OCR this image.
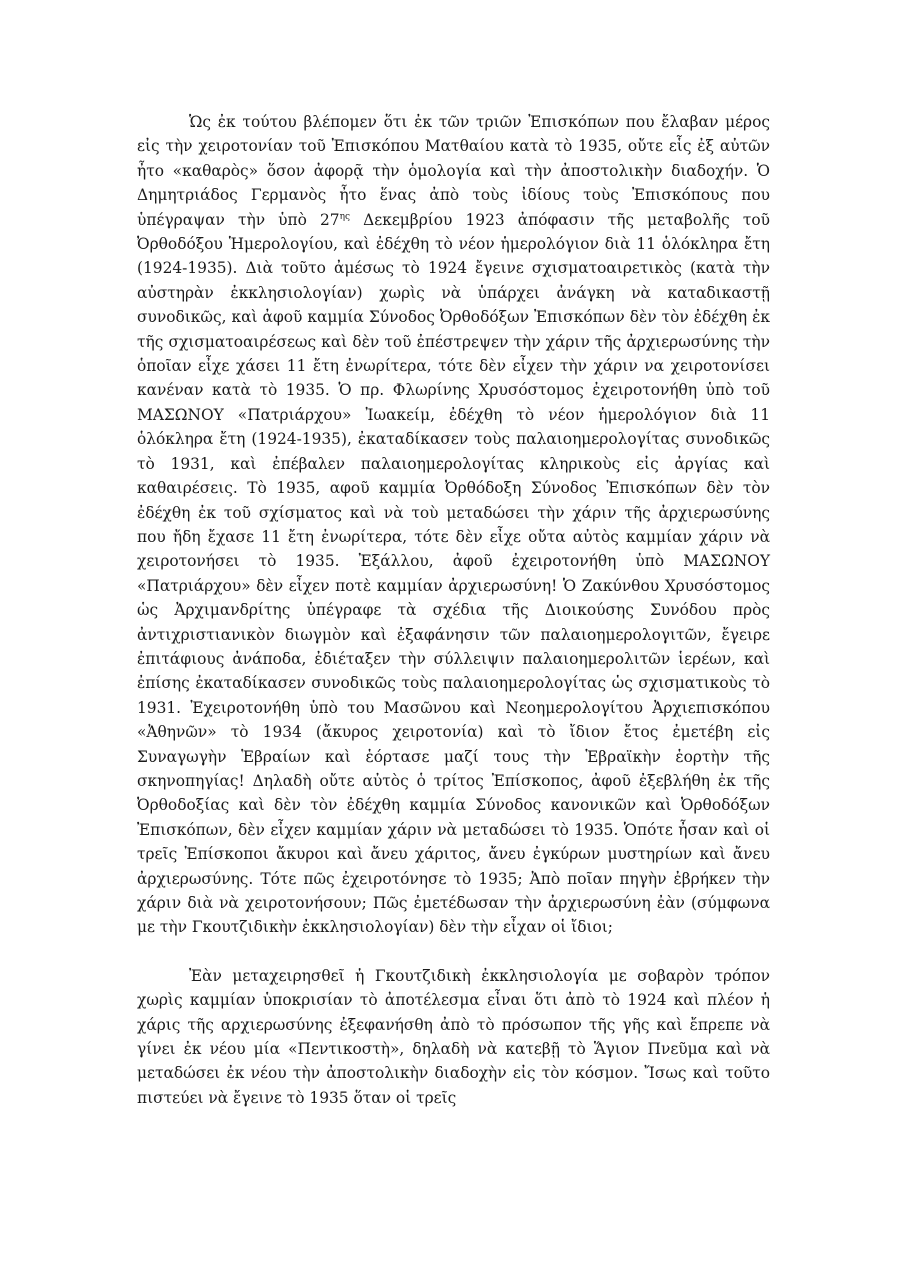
Ὡς ἐκ τούτου βλέπομεν ὅτι ἐκ τῶν τριῶν Ἐπισκόπων που ἔλαβαν μέρος εἰς τὴν χειροτονίαν τοῦ Ἐπισκόπου Ματθαίου κατὰ τὸ 1935, οὔτε εἷς ἐξ αὐτῶν ἦτο «καθαρὸς» ὅσον ἀφορᾷ τὴν ὁμολογία καὶ τὴν ἀποστολικὴν διαδοχήν. Ὁ Δημητριάδος Γερμανὸς ἦτο ἕνας ἀπὸ τοὺς ἰδίους τοὺς Ἐπισκόπους που ὑπέγραψαν τὴν ὑπὸ $27^{\eta\varsigma}$ Δεκεμβρίου 1923 ἀπόφασιν τῆς μεταβολῆς τοῦ Ὀρθοδόξου Ἡμερολογίου, καὶ ἐδέχθη τὸ νέον ἡμερολόγιον διὰ 11 ὁλόκληρα ἔτη (1924-1935). Διὰ τοῦτο ἀμέσως τὸ 1924 ἔγεινε σχισματοαιρετικὸς (κατὰ τὴν αὐστηρὰν ἐκκλησιολογίαν) χωρὶς νὰ ὑπάρχει ἀνάγκη νὰ καταδικαστῇ συνοδικῶς, καὶ ἀφοῦ καμμία Σύνοδος Ὀρθοδόξων Ἐπισκόπων δὲν τὸν ἐδέχθη ἐκ τῆς σχισματοαιρέσεως καὶ δὲν τοῦ ἐπέστρεψεν τὴν χάριν τῆς ἀρχιερωσύνης τὴν ὁποῖαν εἶχε χάσει 11 ἔτη ἐνωρίτερα, τότε δὲν εἶχεν τὴν χάριν να χειροτονίσει κανέναν κατὰ τὸ 1935. Ὁ πρ. Φλωρίνης Χρυσόστομος ἐχειροτονήθη ὑπὸ τοῦ ΜΑΣΩΝΟΥ «Πατριάρχου» Ἰωακείμ, ἐδέχθη τὸ νέον ἡμερολόγιον διὰ 11 ὁλόκληρα ἔτη (1924-1935), ἐκαταδίκασεν τοὺς παλαιοημερολογίτας συνοδικῶς τὸ 1931, καὶ ἐπέβαλεν παλαιοημερολογίτας κληρικοὺς εἰς ἀργίας καὶ καθαιρέσεις. Τὸ 1935, αφοῦ καμμία Ὀρθόδοξη Σύνοδος Ἐπισκόπων δὲν τὸν ἐδέχθη ἐκ τοῦ σχίσματος καὶ νὰ τοὺ μεταδώσει τὴν χάριν τῆς ἀρχιερωσύνης που ἤδη ἔχασε 11 ἔτη ἐνωρίτερα, τότε δὲν εἶχε οὔτα αὐτὸς καμμίαν χάριν νὰ χειροτονήσει τὸ 1935. Ἐξάλλου, ἀφοῦ ἐχειροτονήθη ὑπὸ ΜΑΣΩΝΟΥ «Πατριάρχου» δὲν εἶχεν ποτὲ καμμίαν ἀρχιερωσύνη! Ὁ Ζακύνθου Χρυσόστομος ὡς Ἀρχιμανδρίτης ὑπέγραφε τὰ σχέδια τῆς Διοικούσης Συνόδου πρὸς ἀντιχριστιανικὸν διωγμὸν καὶ ἐξαφάνησιν τῶν παλαιοημερολογιτῶν, ἔγειρε ἐπιτάφιους ἀνάποδα, ἐδιέταξεν τὴν σύλλειψιν παλαιοημερολιτῶν ἱερέων, καὶ ἐπίσης ἐκαταδίκασεν συνοδικῶς τοὺς παλαιοημερολογίτας ὡς σχισματικοὺς τὸ 1931. Ἐχειροτονήθη ὑπὸ του Μασῶνου καὶ Νεοημερολογίτου Ἀρχιεπισκόπου «Ἀθηνῶν» τὸ 1934 (ἄκυρος χειροτονία) καὶ τὸ ἴδιον ἔτος ἐμετέβη εἰς Συναγωγὴν Ἑβραίων καὶ ἑόρτασε μαζί τους τὴν Ἑβραϊκὴν ἑορτὴν τῆς σκηνοπηγίας! Δηλαδὴ οὔτε αὐτὸς ὁ τρίτος Ἐπίσκοπος, ἀφοῦ ἐξεβλήθη ἐκ τῆς Ὀρθοδοξίας καὶ δὲν τὸν ἐδέχθη καμμία Σύνοδος κανονικῶν καὶ Ὀρθοδόξων Ἐπισκόπων, δὲν εἶχεν καμμίαν χάριν νὰ μεταδώσει τὸ 1935. Ὁπότε ἦσαν καὶ οἱ τρεῖς Ἐπίσκοποι ἄκυροι καὶ ἄνευ χάριτος, ἄνευ ἐγκύρων μυστηρίων καὶ ἄνευ ἀρχιερωσύνης. Τότε πῶς ἐχειροτόνησε τὸ 1935; Ἀπὸ ποῖαν πηγὴν ἐβρήκεν τὴν χάριν διὰ νὰ χειροτονήσουν; Πῶς ἐμετέδωσαν τὴν ἀρχιερωσύνη ἐὰν (σύμφωνα με τὴν Γκουτζιδικὴν ἐκκλησιολογίαν) δὲν τὴν εἶχαν οἱ ἴδιοι;

Ἐὰν μεταχειρησθεῖ ἡ Γκουτζιδικὴ ἐκκλησιολογία με σοβαρὸν τρόπον χωρὶς καμμίαν ὑποκρισίαν τὸ ἀποτέλεσμα εἶναι ὅτι ἀπὸ τὸ 1924 καὶ πλέον ἡ χάρις τῆς αρχιερωσύνης ἐξεφανήσθη ἀπὸ τὸ πρόσωπον τῆς γῆς καὶ ἔπρεπε νὰ γίνει ἐκ νέου μία «Πεντικοστὴ», δηλαδὴ νὰ κατεβῇ τὸ Ἅγιον Πνεῦμα καὶ νὰ μεταδώσει ἐκ νέου τὴν ἀποστολικὴν διαδοχὴν εἰς τὸν κόσμον. Ἴσως καὶ τοῦτο πιστεύει νὰ ἔγεινε τὸ 1935 ὅταν οἱ τρεῖς
